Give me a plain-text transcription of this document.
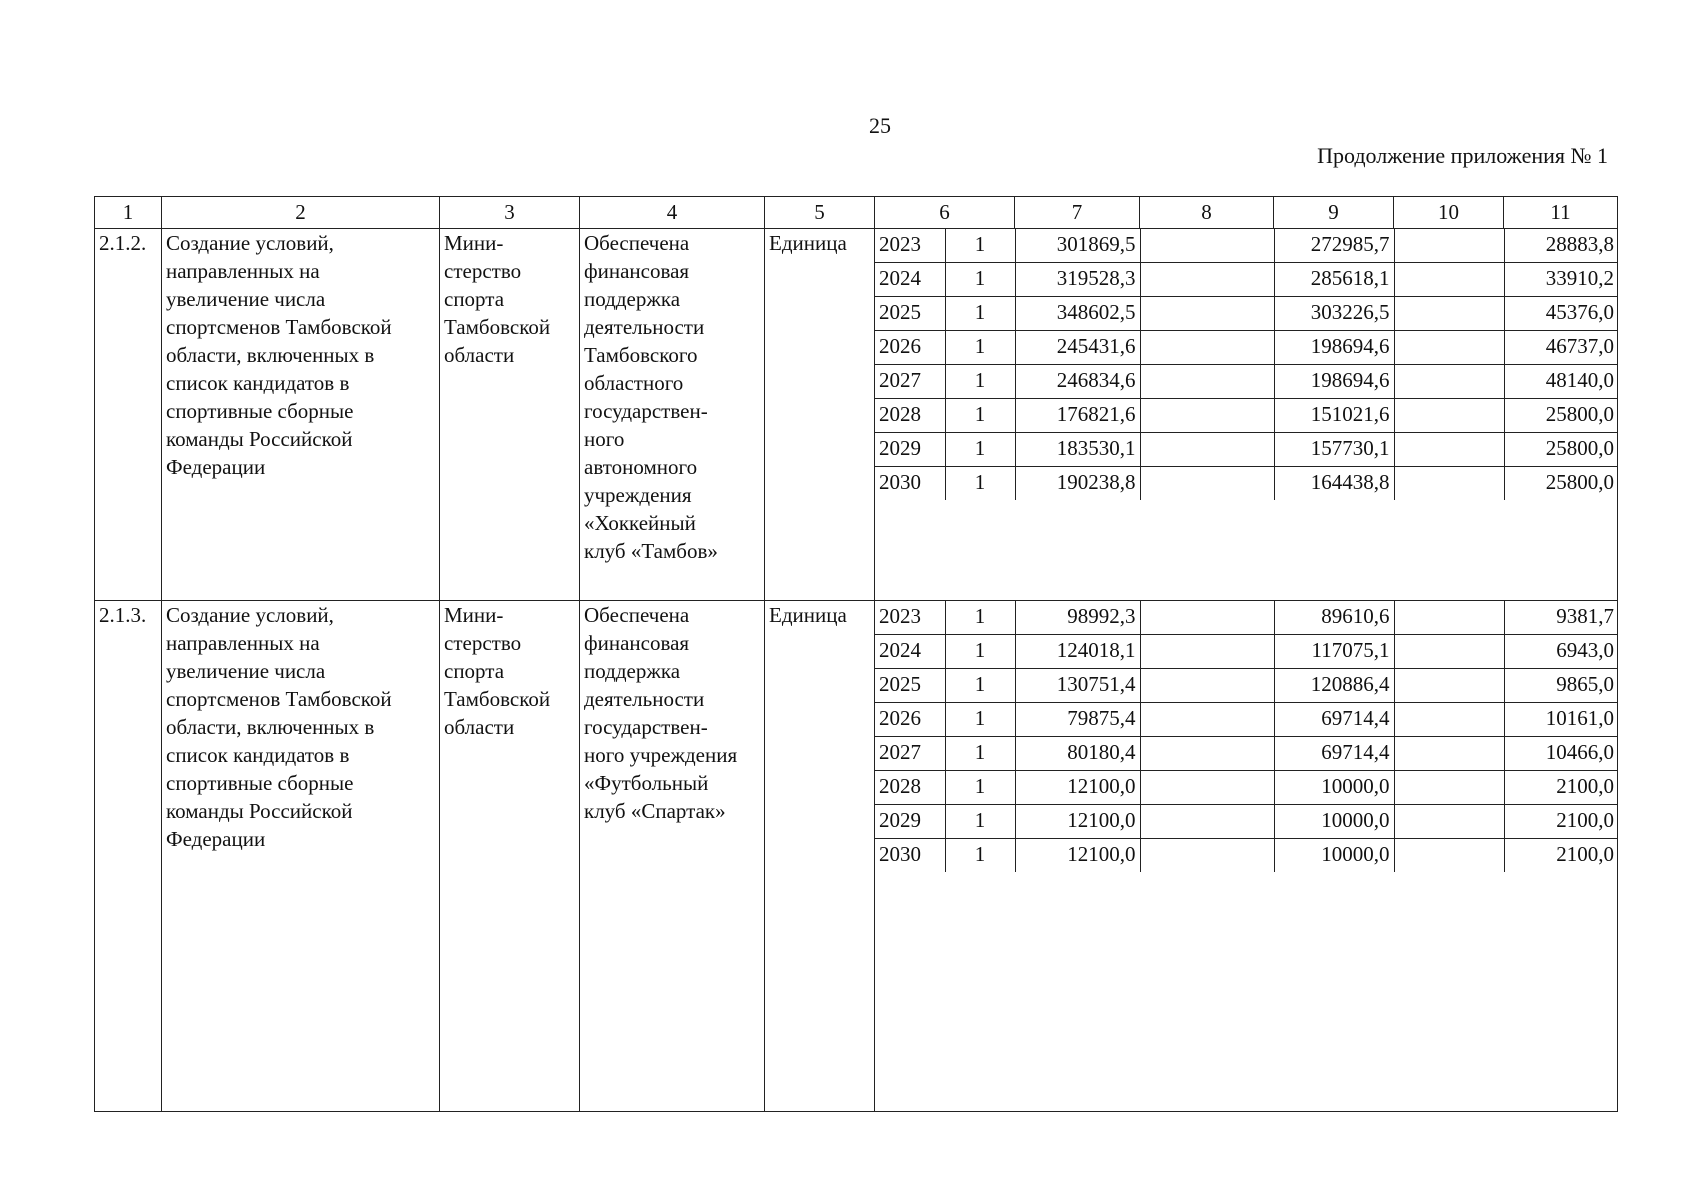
25
Продолжение приложения № 1
1	2	3	4	5	6	7	8	9	10	11
2.1.2.	Создание условий,
направленных на
увеличение числа
спортсменов Тамбовской
области, включенных в
список кандидатов в
спортивные сборные
команды Российской
Федерации	Мини-
стерство
спорта
Тамбовской
области	Обеспечена
финансовая
поддержка
деятельности
Тамбовского
областного
государствен-
ного
автономного
учреждения
«Хоккейный
клуб «Тамбов»	Единица	2023	1	301869,5		272985,7		28883,8
2024	1	319528,3		285618,1		33910,2
2025	1	348602,5		303226,5		45376,0
2026	1	245431,6		198694,6		46737,0
2027	1	246834,6		198694,6		48140,0
2028	1	176821,6		151021,6		25800,0
2029	1	183530,1		157730,1		25800,0
2030	1	190238,8		164438,8		25800,0

2.1.3.	Создание условий,
направленных на
увеличение числа
спортсменов Тамбовской
области, включенных в
список кандидатов в
спортивные сборные
команды Российской
Федерации	Мини-
стерство
спорта
Тамбовской
области	Обеспечена
финансовая
поддержка
деятельности
государствен-
ного учреждения
«Футбольный
клуб «Спартак»	Единица	2023	1	98992,3		89610,6		9381,7
2024	1	124018,1		117075,1		6943,0
2025	1	130751,4		120886,4		9865,0
2026	1	79875,4		69714,4		10161,0
2027	1	80180,4		69714,4		10466,0
2028	1	12100,0		10000,0		2100,0
2029	1	12100,0		10000,0		2100,0
2030	1	12100,0		10000,0		2100,0
